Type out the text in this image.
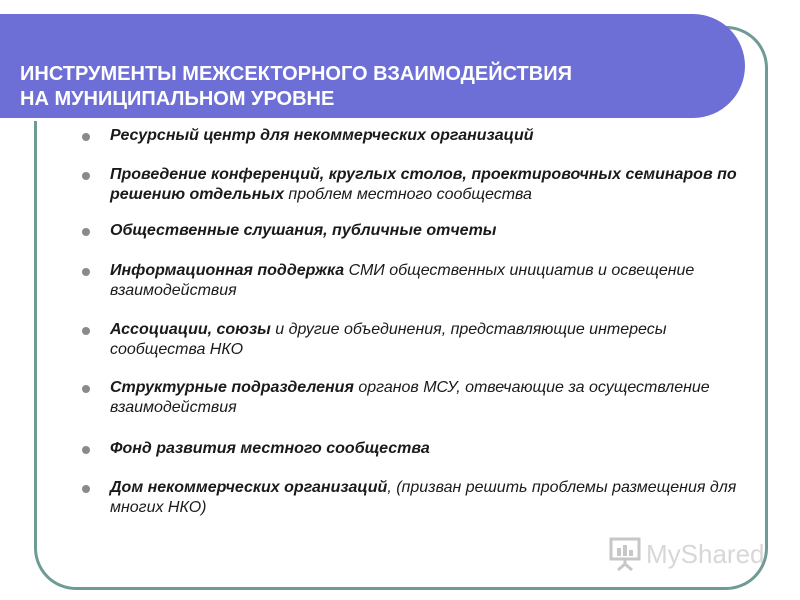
ИНСТРУМЕНТЫ МЕЖСЕКТОРНОГО ВЗАИМОДЕЙСТВИЯ
НА МУНИЦИПАЛЬНОМ УРОВНЕ
Ресурсный центр для некоммерческих организаций
Проведение конференций, круглых столов, проектировочных семинаров по решению отдельных проблем местного сообщества
Общественные слушания, публичные отчеты
Информационная поддержка СМИ общественных инициатив и освещение взаимодействия
Ассоциации, союзы и другие объединения, представляющие интересы сообщества НКО
Структурные подразделения органов МСУ, отвечающие за осуществление взаимодействия
Фонд развития местного сообщества
Дом некоммерческих организаций, (призван решить проблемы размещения для многих НКО)
MyShared
